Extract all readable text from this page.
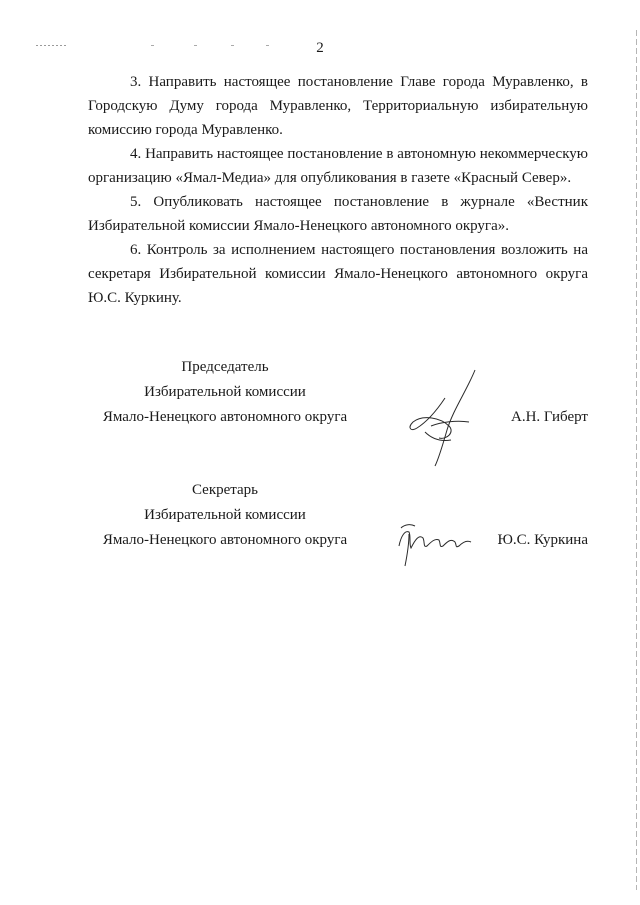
2

3. Направить настоящее постановление Главе города Муравленко, в Городскую Думу города Муравленко, Территориальную избирательную комиссию города Муравленко.

4. Направить настоящее постановление в автономную некоммерческую организацию «Ямал-Медиа» для опубликования в газете «Красный Север».

5. Опубликовать настоящее постановление в журнале «Вестник Избирательной комиссии Ямало-Ненецкого автономного округа».

6. Контроль за исполнением настоящего постановления возложить на секретаря Избирательной комиссии Ямало-Ненецкого автономного округа Ю.С. Куркину.

Председатель
Избирательной комиссии
Ямало-Ненецкого автономного округа	А.Н. Гиберт
Секретарь
Избирательной комиссии
Ямало-Ненецкого автономного округа	Ю.С. Куркина
